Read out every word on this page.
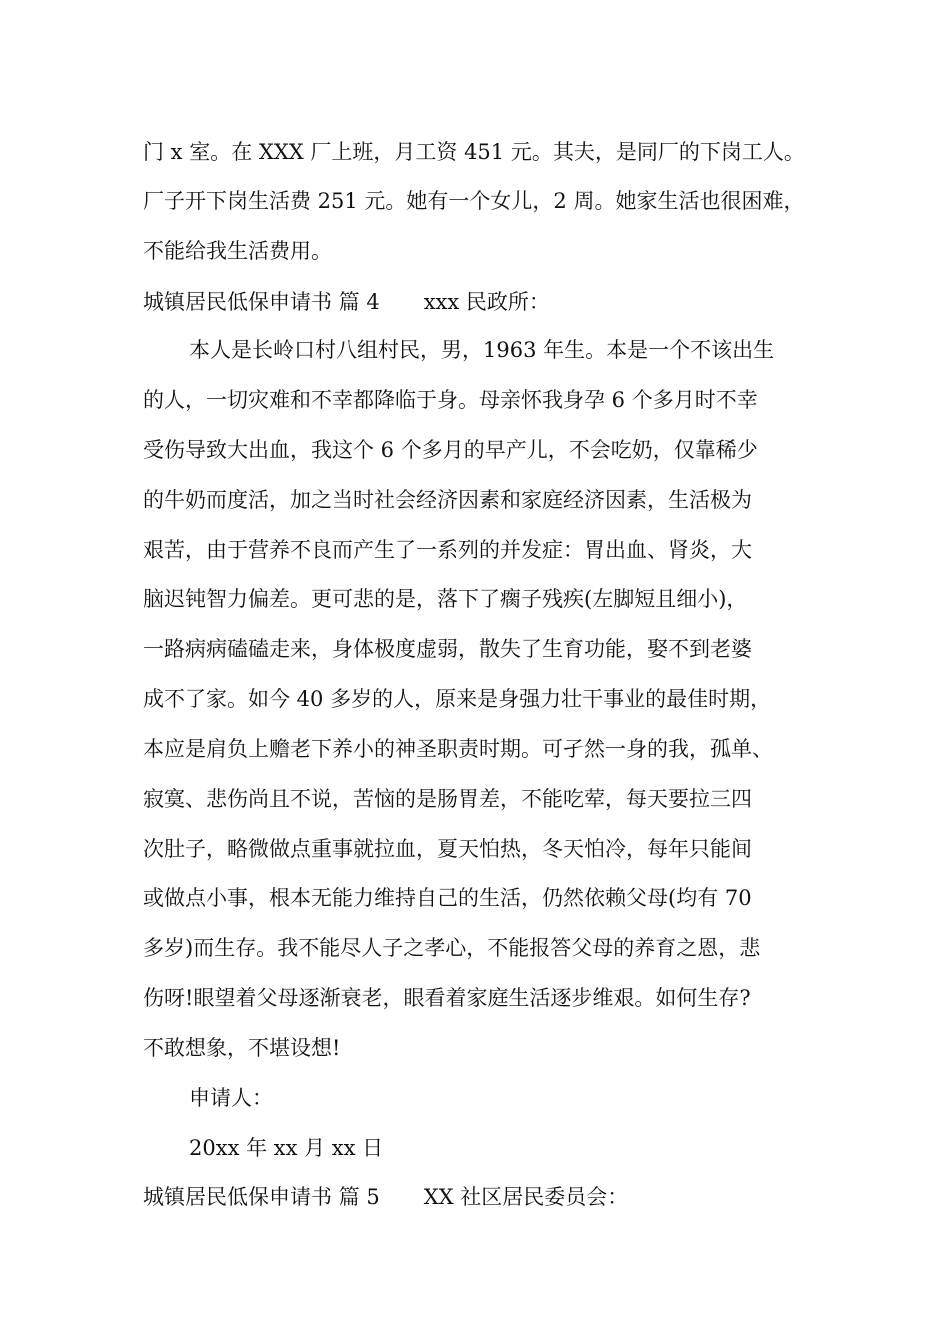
门 x 室。在 XXX 厂上班，月工资 451 元。其夫，是同厂的下岗工人。
厂子开下岗生活费 251 元。她有一个女儿，2 周。她家生活也很困难，
不能给我生活费用。
城镇居民低保申请书 篇 4 xxx 民政所：
本人是长岭口村八组村民，男，1963 年生。本是一个不该出生
的人，一切灾难和不幸都降临于身。母亲怀我身孕 6 个多月时不幸
受伤导致大出血，我这个 6 个多月的早产儿，不会吃奶，仅靠稀少
的牛奶而度活，加之当时社会经济因素和家庭经济因素，生活极为
艰苦，由于营养不良而产生了一系列的并发症：胃出血、肾炎，大
脑迟钝智力偏差。更可悲的是，落下了瘸子残疾(左脚短且细小)，
一路病病磕磕走来，身体极度虚弱，散失了生育功能，娶不到老婆
成不了家。如今 40 多岁的人，原来是身强力壮干事业的最佳时期，
本应是肩负上赡老下养小的神圣职责时期。可孑然一身的我，孤单、
寂寞、悲伤尚且不说，苦恼的是肠胃差，不能吃荤，每天要拉三四
次肚子，略微做点重事就拉血，夏天怕热，冬天怕冷，每年只能间
或做点小事，根本无能力维持自己的生活，仍然依赖父母(均有 70
多岁)而生存。我不能尽人子之孝心，不能报答父母的养育之恩，悲
伤呀!眼望着父母逐渐衰老，眼看着家庭生活逐步维艰。如何生存?
不敢想象，不堪设想!
申请人：
20xx 年 xx 月 xx 日
城镇居民低保申请书 篇 5 XX 社区居民委员会：
